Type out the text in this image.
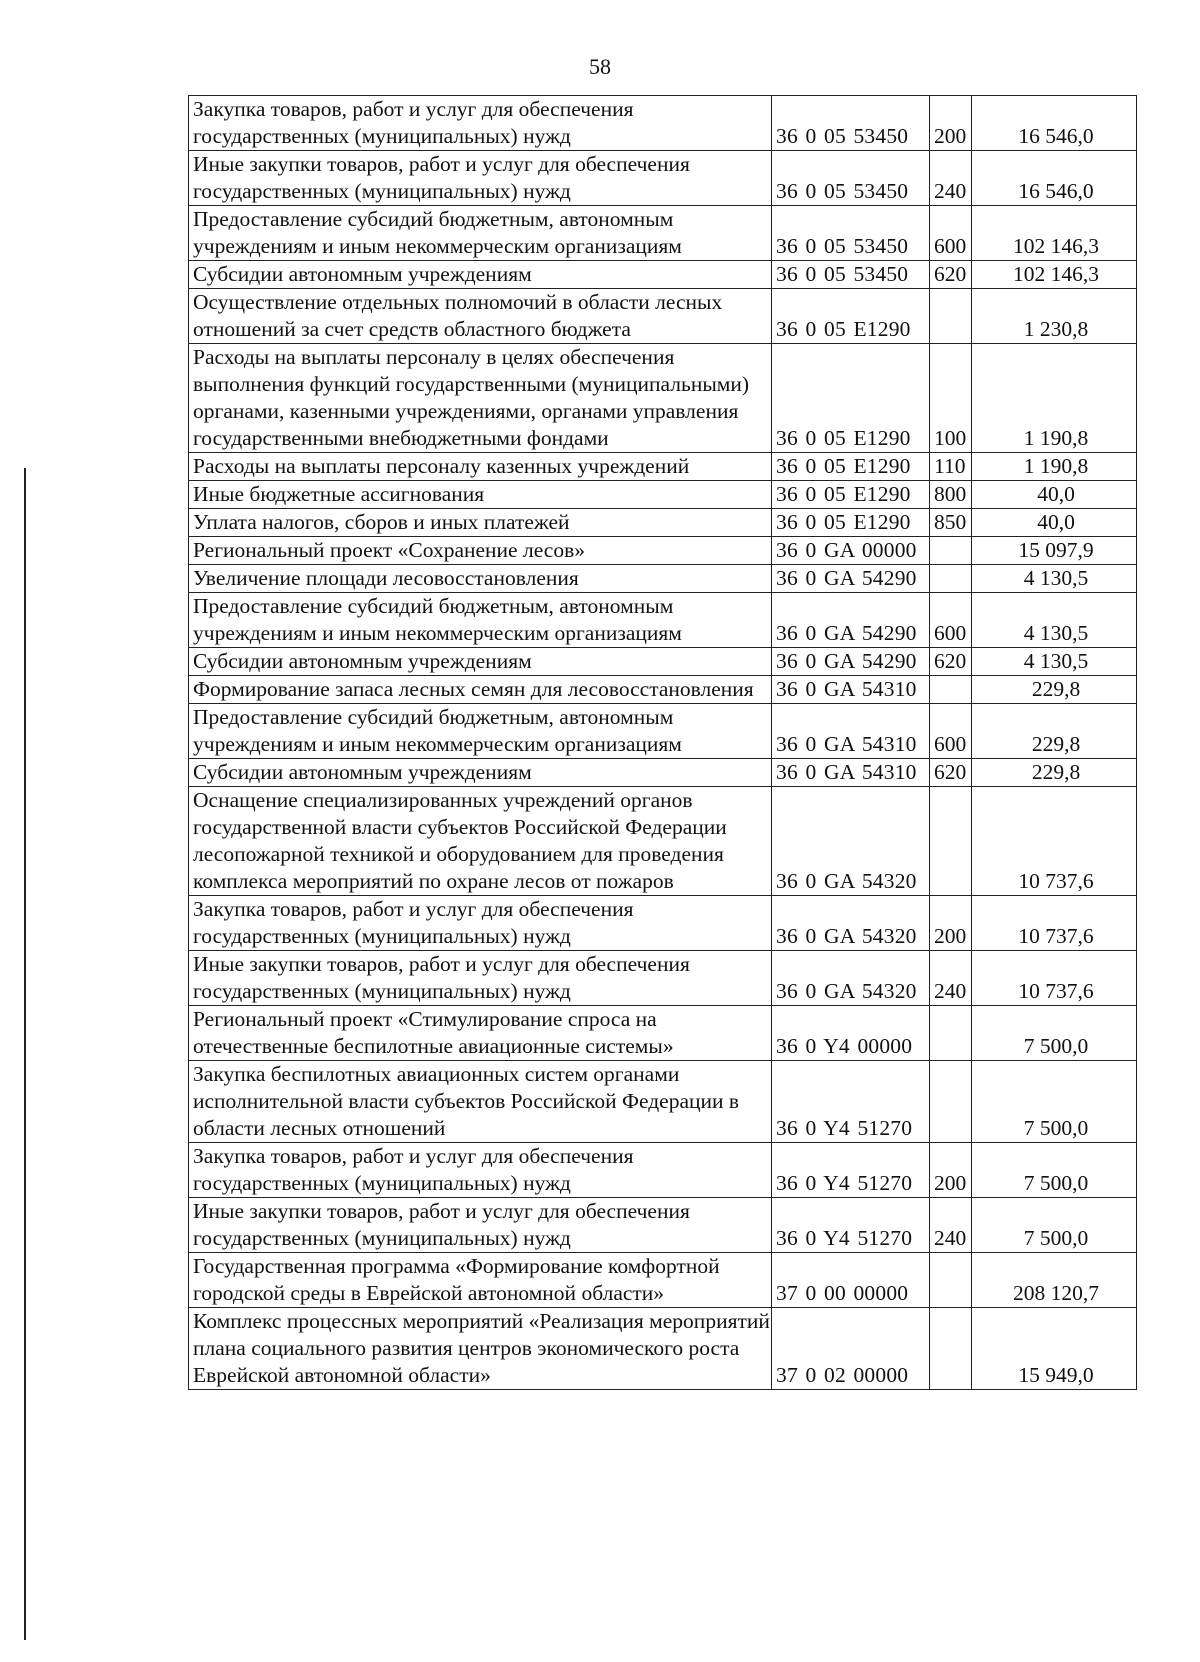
58
Закупка товаров, работ и услуг для обеспечения государственных (муниципальных) нужд	36 0 05 53450	200	16 546,0
Иные закупки товаров, работ и услуг для обеспечения государственных (муниципальных) нужд	36 0 05 53450	240	16 546,0
Предоставление субсидий бюджетным, автономным учреждениям и иным некоммерческим организациям	36 0 05 53450	600	102 146,3
Субсидии автономным учреждениям	36 0 05 53450	620	102 146,3
Осуществление отдельных полномочий в области лесных отношений за счет средств областного бюджета	36 0 05 E1290		1 230,8
Расходы на выплаты персоналу в целях обеспечения выполнения функций государственными (муниципальными) органами, казенными учреждениями, органами управления государственными внебюджетными фондами	36 0 05 E1290	100	1 190,8
Расходы на выплаты персоналу казенных учреждений	36 0 05 E1290	110	1 190,8
Иные бюджетные ассигнования	36 0 05 E1290	800	40,0
Уплата налогов, сборов и иных платежей	36 0 05 E1290	850	40,0
Региональный проект «Сохранение лесов»	36 0 GA 00000		15 097,9
Увеличение площади лесовосстановления	36 0 GA 54290		4 130,5
Предоставление субсидий бюджетным, автономным учреждениям и иным некоммерческим организациям	36 0 GA 54290	600	4 130,5
Субсидии автономным учреждениям	36 0 GA 54290	620	4 130,5
Формирование запаса лесных семян для лесовосстановления	36 0 GA 54310		229,8
Предоставление субсидий бюджетным, автономным учреждениям и иным некоммерческим организациям	36 0 GA 54310	600	229,8
Субсидии автономным учреждениям	36 0 GA 54310	620	229,8
Оснащение специализированных учреждений органов государственной власти субъектов Российской Федерации лесопожарной техникой и оборудованием для проведения комплекса мероприятий по охране лесов от пожаров	36 0 GA 54320		10 737,6
Закупка товаров, работ и услуг для обеспечения государственных (муниципальных) нужд	36 0 GA 54320	200	10 737,6
Иные закупки товаров, работ и услуг для обеспечения государственных (муниципальных) нужд	36 0 GA 54320	240	10 737,6
Региональный проект «Стимулирование спроса на отечественные беспилотные авиационные системы»	36 0 Y4 00000		7 500,0
Закупка беспилотных авиационных систем органами исполнительной власти субъектов Российской Федерации в области лесных отношений	36 0 Y4 51270		7 500,0
Закупка товаров, работ и услуг для обеспечения государственных (муниципальных) нужд	36 0 Y4 51270	200	7 500,0
Иные закупки товаров, работ и услуг для обеспечения государственных (муниципальных) нужд	36 0 Y4 51270	240	7 500,0
Государственная программа «Формирование комфортной городской среды в Еврейской автономной области»	37 0 00 00000		208 120,7
Комплекс процессных мероприятий «Реализация мероприятий плана социального развития центров экономического роста Еврейской автономной области»	37 0 02 00000		15 949,0
